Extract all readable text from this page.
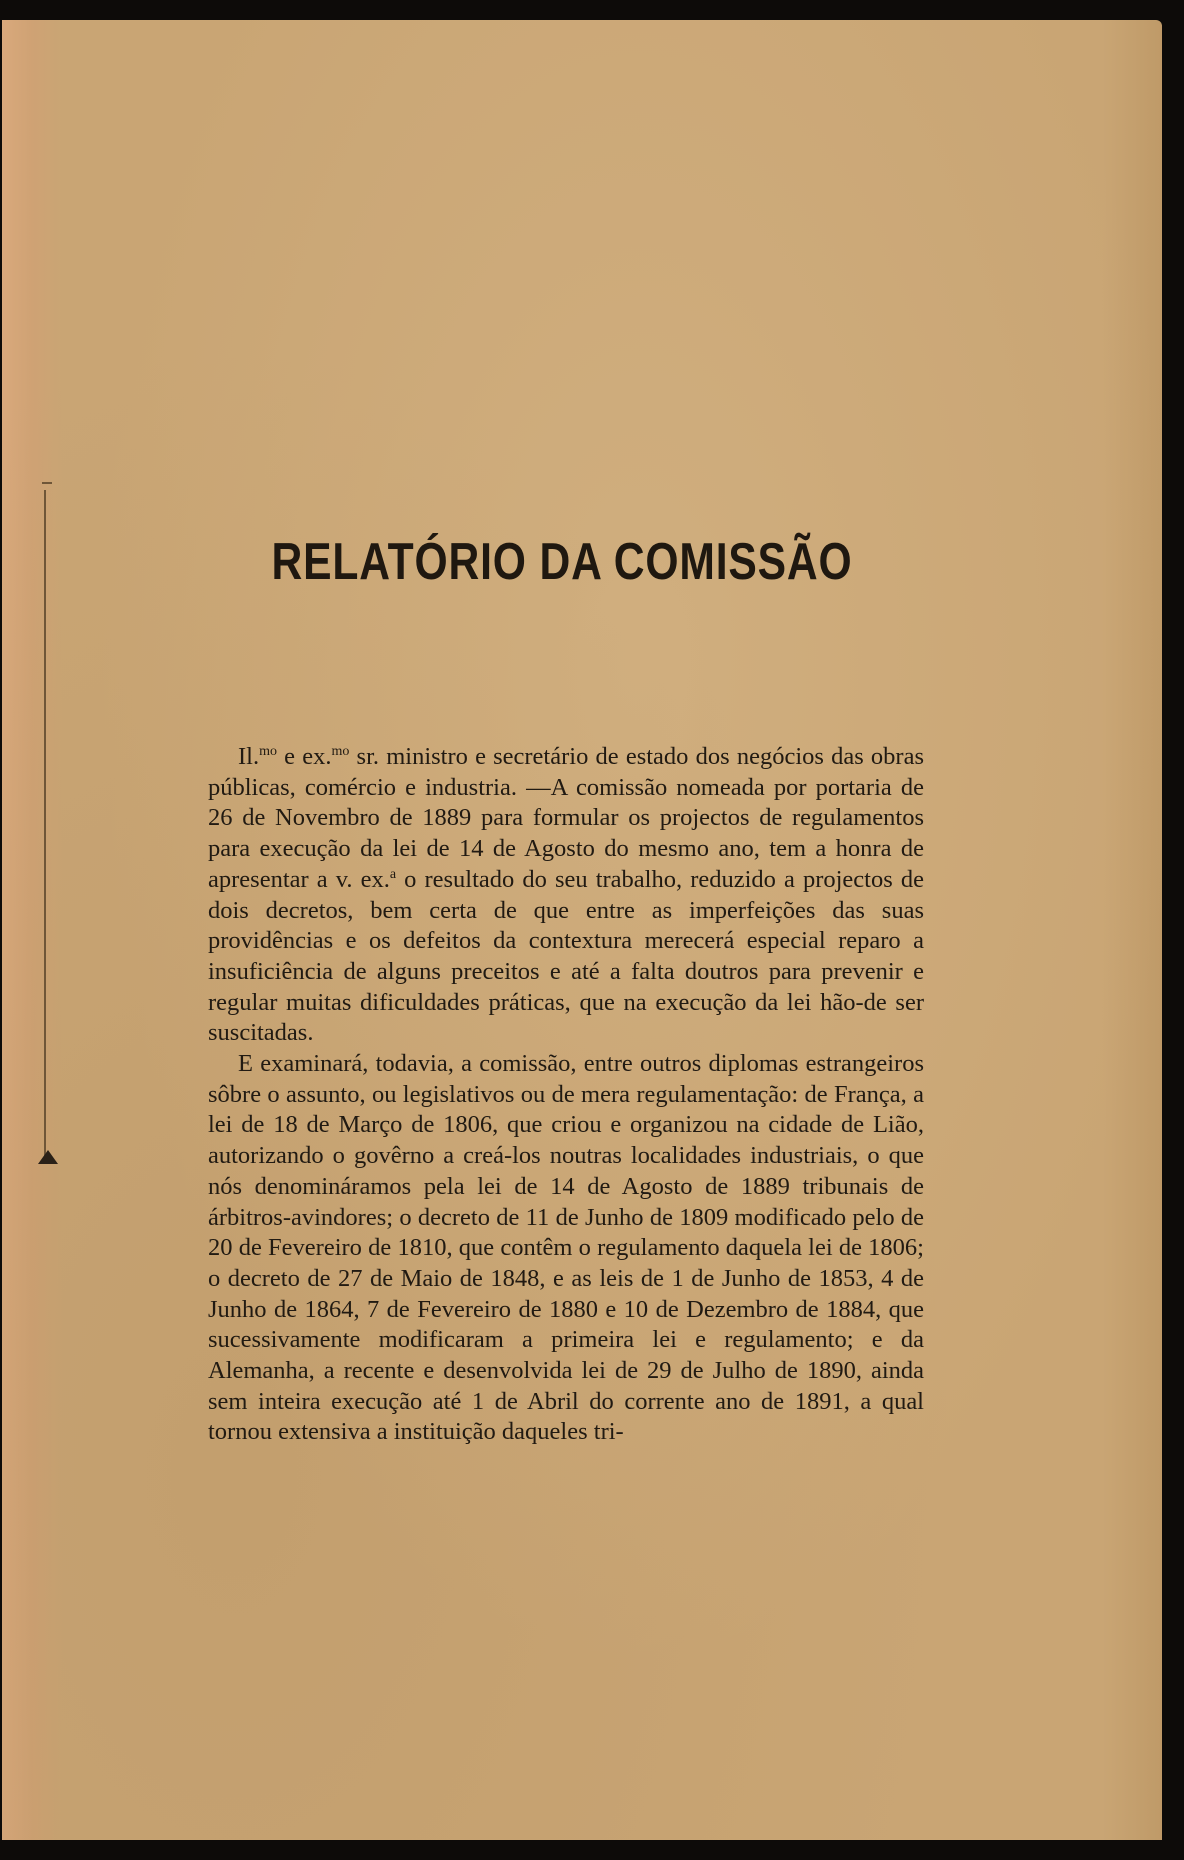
RELATÓRIO DA COMISSÃO

Il.$^{mo}$ e ex.$^{mo}$ sr. ministro e secretário de estado dos negócios das obras públicas, comércio e industria. —A comissão nomeada por portaria de 26 de Novembro de 1889 para formular os projectos de regulamentos para execução da lei de 14 de Agosto do mesmo ano, tem a honra de apresentar a v. ex.$^a$ o resultado do seu trabalho, reduzido a projectos de dois decretos, bem certa de que entre as imperfeições das suas providências e os defeitos da contextura merecerá especial reparo a insuficiência de alguns preceitos e até a falta doutros para prevenir e regular muitas dificuldades práticas, que na execução da lei hão-de ser suscitadas.

E examinará, todavia, a comissão, entre outros diplomas estrangeiros sôbre o assunto, ou legislativos ou de mera regulamentação: de França, a lei de 18 de Março de 1806, que criou e organizou na cidade de Lião, autorizando o govêrno a creá-los noutras localidades industriais, o que nós denomináramos pela lei de 14 de Agosto de 1889 tribunais de árbitros-avindores; o decreto de 11 de Junho de 1809 modificado pelo de 20 de Fevereiro de 1810, que contêm o regulamento daquela lei de 1806; o decreto de 27 de Maio de 1848, e as leis de 1 de Junho de 1853, 4 de Junho de 1864, 7 de Fevereiro de 1880 e 10 de Dezembro de 1884, que sucessivamente modificaram a primeira lei e regulamento; e da Alemanha, a recente e desenvolvida lei de 29 de Julho de 1890, ainda sem inteira execução até 1 de Abril do corrente ano de 1891, a qual tornou extensiva a instituição daqueles tri-
